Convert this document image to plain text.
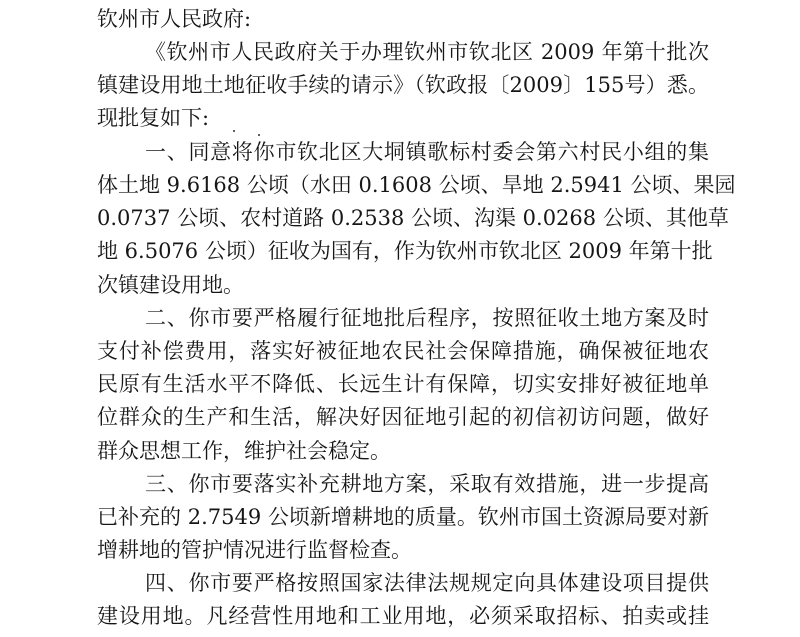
钦州市人民政府:
《钦州市人民政府关于办理钦州市钦北区 2009 年第十批次
镇建设用地土地征收手续的请示》（钦政报〔2009〕155号）悉。
现批复如下:
一、同意将你市钦北区大垌镇歌标村委会第六村民小组的集
体土地 9.6168 公顷（水田 0.1608 公顷、旱地 2.5941 公顷、果园
0.0737 公顷、农村道路 0.2538 公顷、沟渠 0.0268 公顷、其他草
地 6.5076 公顷）征收为国有，作为钦州市钦北区 2009 年第十批
次镇建设用地。
二、你市要严格履行征地批后程序，按照征收土地方案及时
支付补偿费用，落实好被征地农民社会保障措施，确保被征地农
民原有生活水平不降低、长远生计有保障，切实安排好被征地单
位群众的生产和生活，解决好因征地引起的初信初访问题，做好
群众思想工作，维护社会稳定。
三、你市要落实补充耕地方案，采取有效措施，进一步提高
已补充的 2.7549 公顷新增耕地的质量。钦州市国土资源局要对新
增耕地的管护情况进行监督检查。
四、你市要严格按照国家法律法规规定向具体建设项目提供
建设用地。凡经营性用地和工业用地，必须采取招标、拍卖或挂
